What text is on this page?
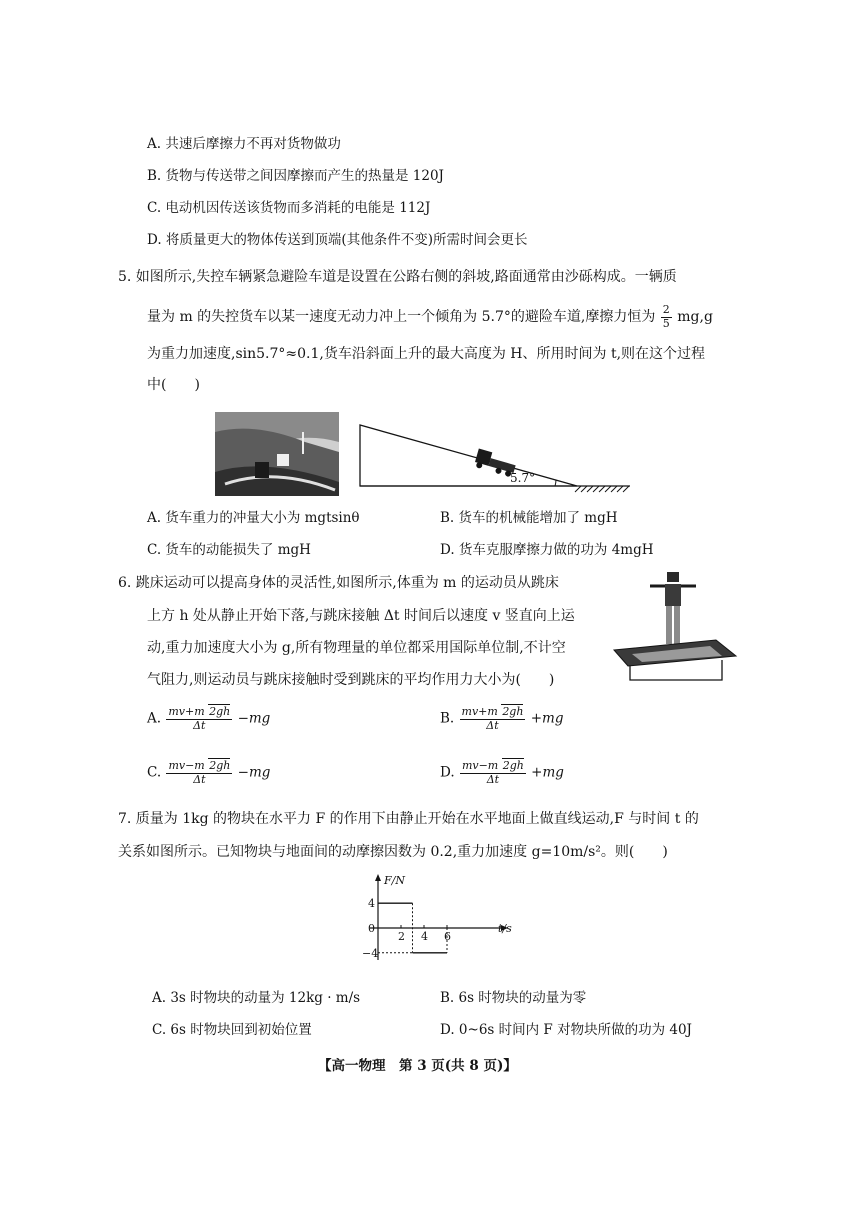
A. 共速后摩擦力不再对货物做功
B. 货物与传送带之间因摩擦而产生的热量是 120J
C. 电动机因传送该货物而多消耗的电能是 112J
D. 将质量更大的物体传送到顶端(其他条件不变)所需时间会更长
5. 如图所示,失控车辆紧急避险车道是设置在公路右侧的斜坡,路面通常由沙砾构成。一辆质
量为 m 的失控货车以某一速度无动力冲上一个倾角为 5.7°的避险车道,摩擦力恒为 $\frac{2}{5} mg,g$
为重力加速度,sin5.7°≈0.1,货车沿斜面上升的最大高度为 H、所用时间为 t,则在这个过程
中(　　)
5.7°
A. 货车重力的冲量大小为 mgtsinθ	B. 货车的机械能增加了 mgH
C. 货车的动能损失了 mgH	D. 货车克服摩擦力做的功为 4mgH
6. 跳床运动可以提高身体的灵活性,如图所示,体重为 m 的运动员从跳床
上方 h 处从静止开始下落,与跳床接触 Δt 时间后以速度 v 竖直向上运
动,重力加速度大小为 g,所有物理量的单位都采用国际单位制,不计空
气阻力,则运动员与跳床接触时受到跳床的平均作用力大小为(　　)
A. $\frac{mv+m 2gh}{\Delta t} -mg$	B. $\frac{mv+m 2gh}{\Delta t} +mg$
C. $\frac{mv-m 2gh}{\Delta t} -mg$	D. $\frac{mv-m 2gh}{\Delta t} +mg$
7. 质量为 1kg 的物块在水平力 F 的作用下由静止开始在水平地面上做直线运动,F 与时间 t 的
关系如图所示。已知物块与地面间的动摩擦因数为 0.2,重力加速度 g=10m/s²。则(　　)
F/N
t/s
2 4 6
4
0
−4
A. 3s 时物块的动量为 12kg · m/s	B. 6s 时物块的动量为零
C. 6s 时物块回到初始位置	D. 0~6s 时间内 F 对物块所做的功为 40J
【高一物理　第 3 页(共 8 页)】
